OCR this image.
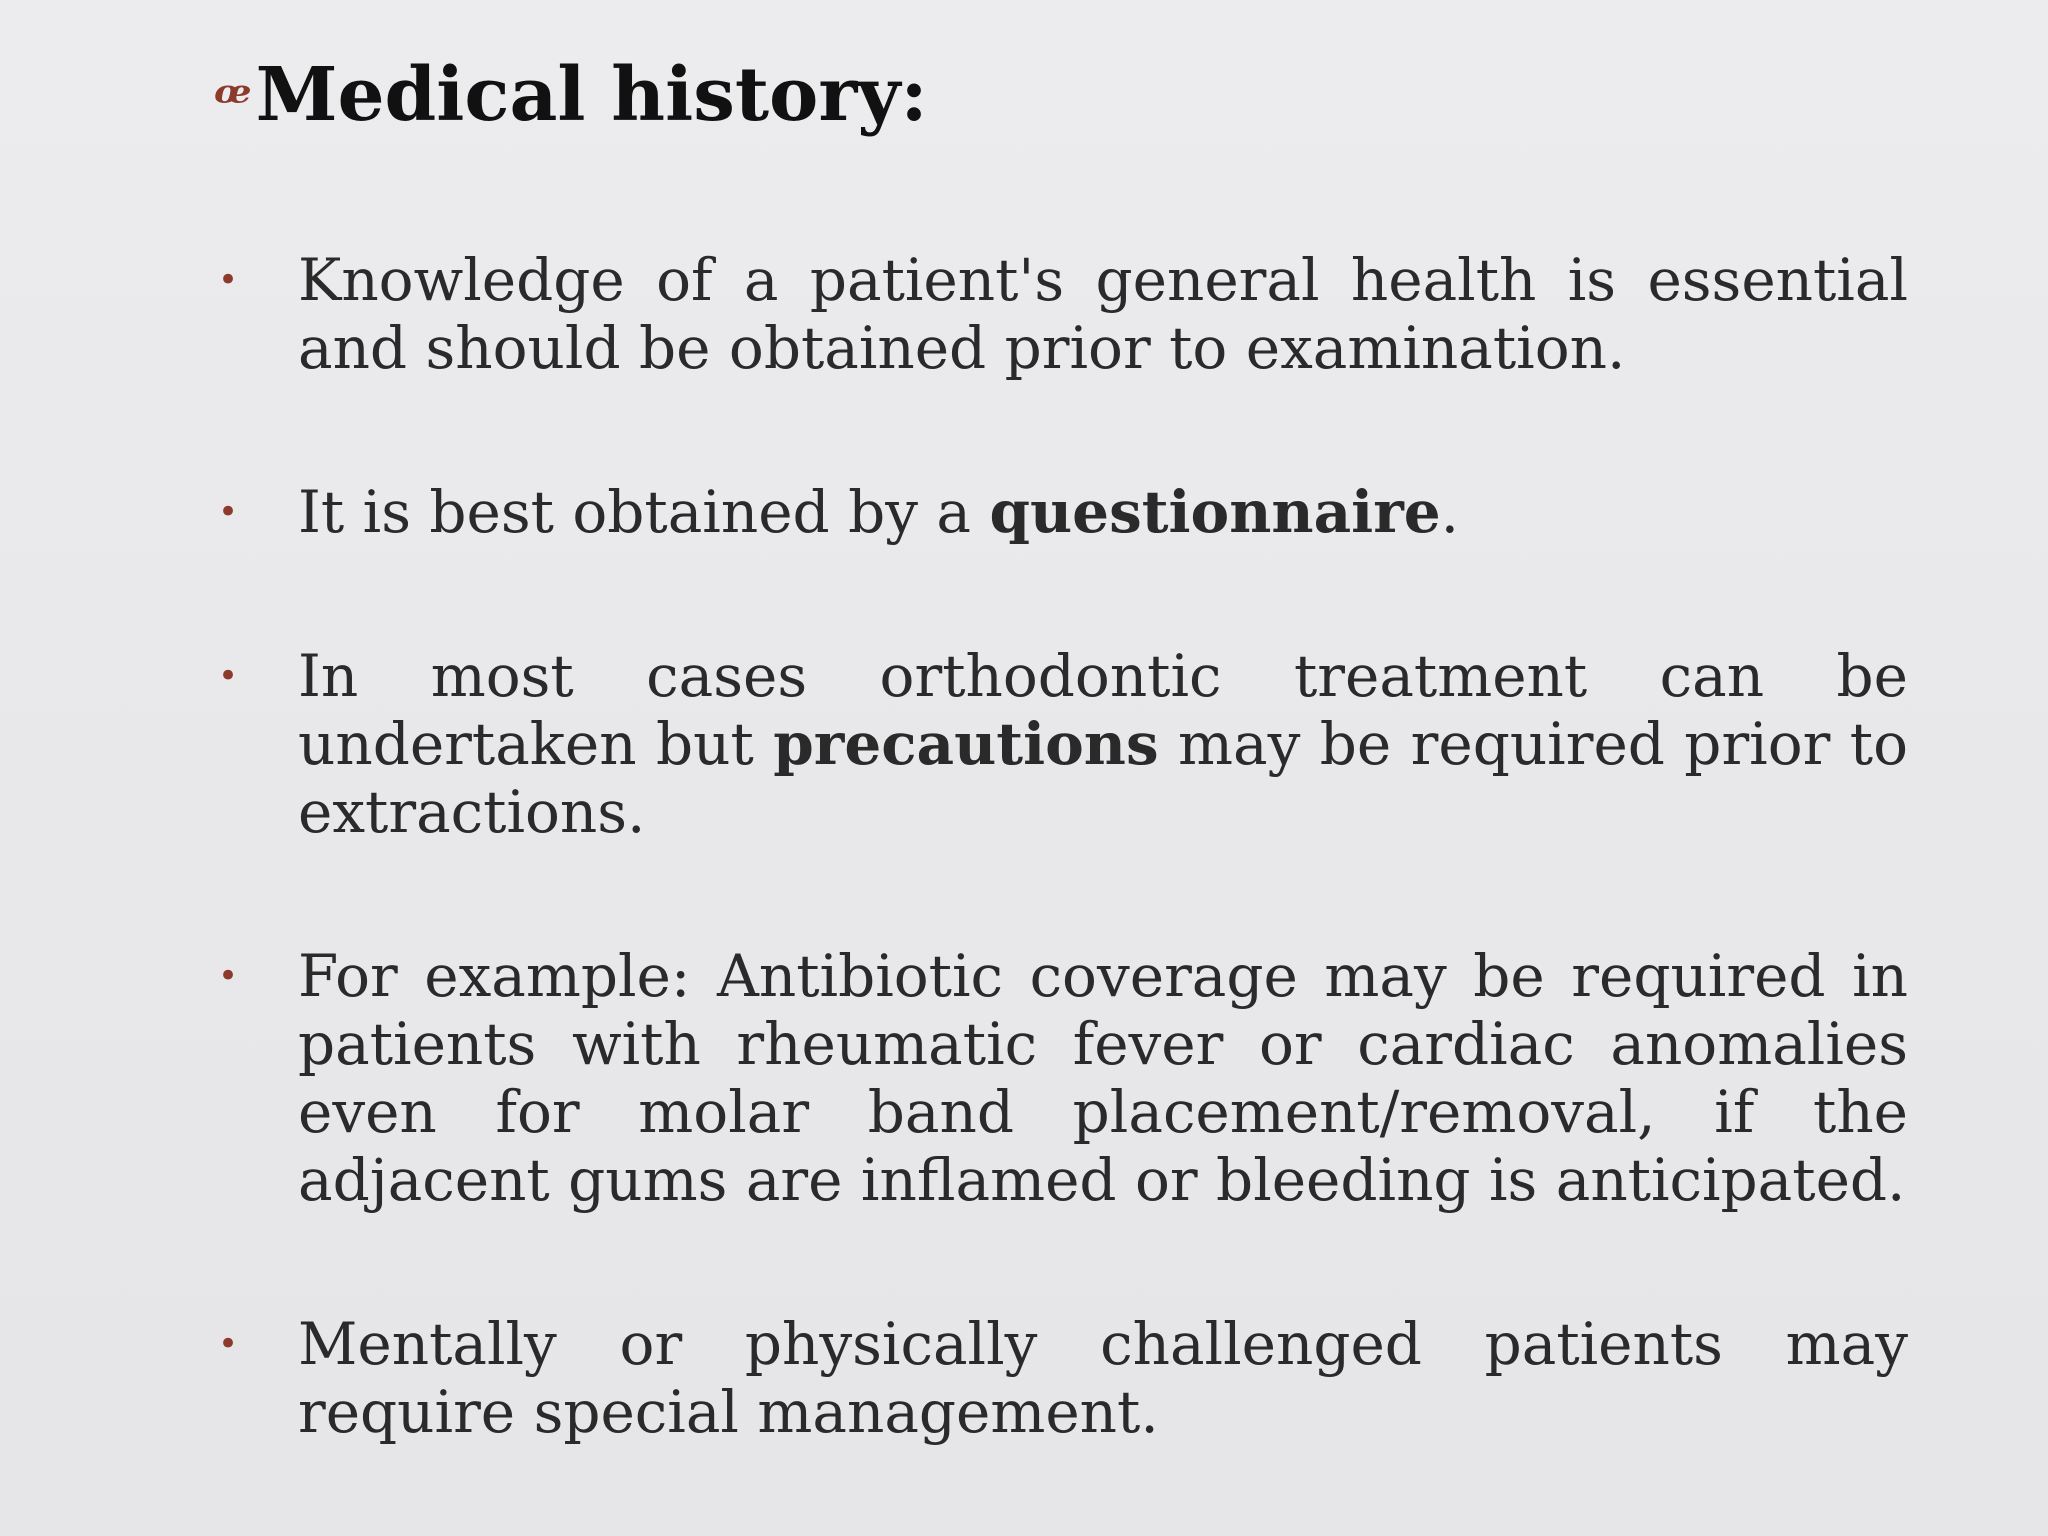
ꟹ Medical history:
• Knowledge of a patient's general health is essential and should be obtained prior to examination.
• It is best obtained by a questionnaire.
• In most cases orthodontic treatment can be undertaken but precautions may be required prior to extractions.
• For example: Antibiotic coverage may be required in patients with rheumatic fever or cardiac anomalies even for molar band placement/removal, if the adjacent gums are inflamed or bleeding is anticipated.
• Mentally or physically challenged patients may require special management.
